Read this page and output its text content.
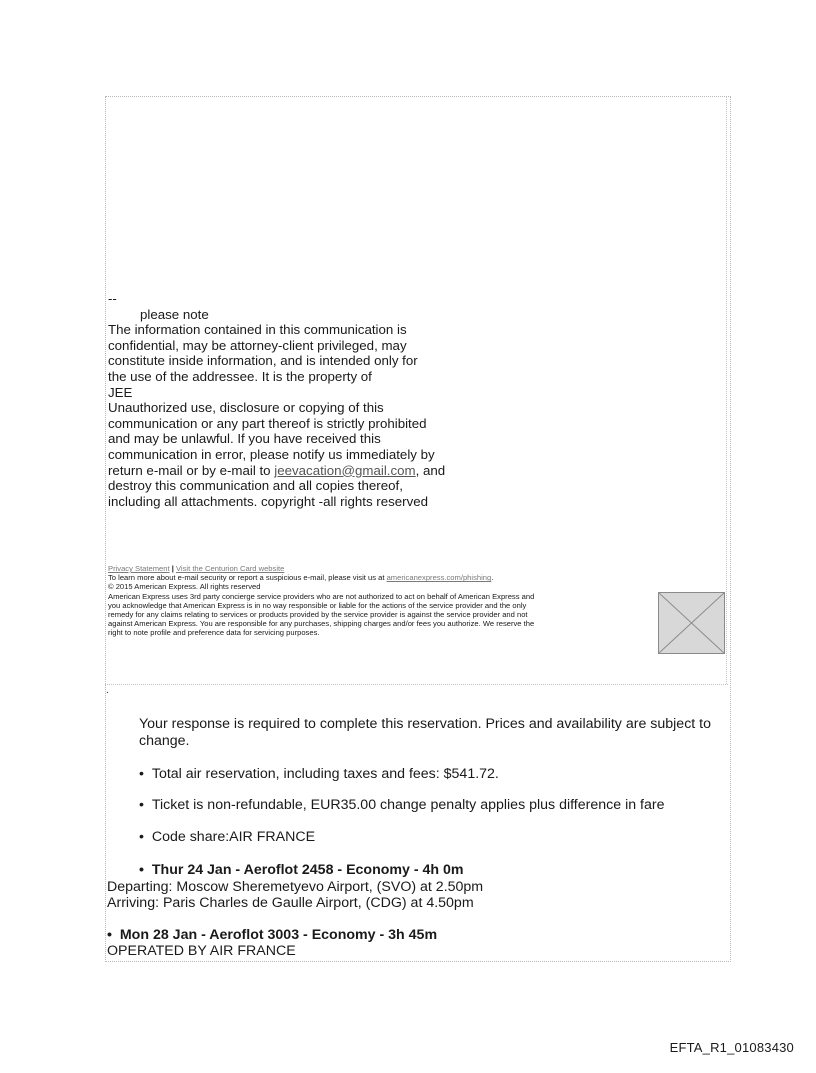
--
please note
The information contained in this communication is
confidential, may be attorney-client privileged, may
constitute inside information, and is intended only for
the use of the addressee. It is the property of
JEE
Unauthorized use, disclosure or copying of this
communication or any part thereof is strictly prohibited
and may be unlawful. If you have received this
communication in error, please notify us immediately by
return e-mail or by e-mail to jeevacation@gmail.com, and
destroy this communication and all copies thereof,
including all attachments. copyright -all rights reserved
Privacy Statement | Visit the Centurion Card website
To learn more about e-mail security or report a suspicious e-mail, please visit us at americanexpress.com/phishing.
© 2015 American Express. All rights reserved
American Express uses 3rd party concierge service providers who are not authorized to act on behalf of American Express and
you acknowledge that American Express is in no way responsible or liable for the actions of the service provider and the only
remedy for any claims relating to services or products provided by the service provider is against the service provider and not
against American Express. You are responsible for any purchases, shipping charges and/or fees you authorize. We reserve the
right to note profile and preference data for servicing purposes.
.
Your response is required to complete this reservation. Prices and availability are subject to change.
• Total air reservation, including taxes and fees: $541.72.
• Ticket is non-refundable, EUR35.00 change penalty applies plus difference in fare
• Code share:AIR FRANCE
• Thur 24 Jan - Aeroflot 2458 - Economy - 4h 0m
Departing: Moscow Sheremetyevo Airport, (SVO) at 2.50pm
Arriving: Paris Charles de Gaulle Airport, (CDG) at 4.50pm
• Mon 28 Jan - Aeroflot 3003 - Economy - 3h 45m
OPERATED BY AIR FRANCE
EFTA_R1_01083430
